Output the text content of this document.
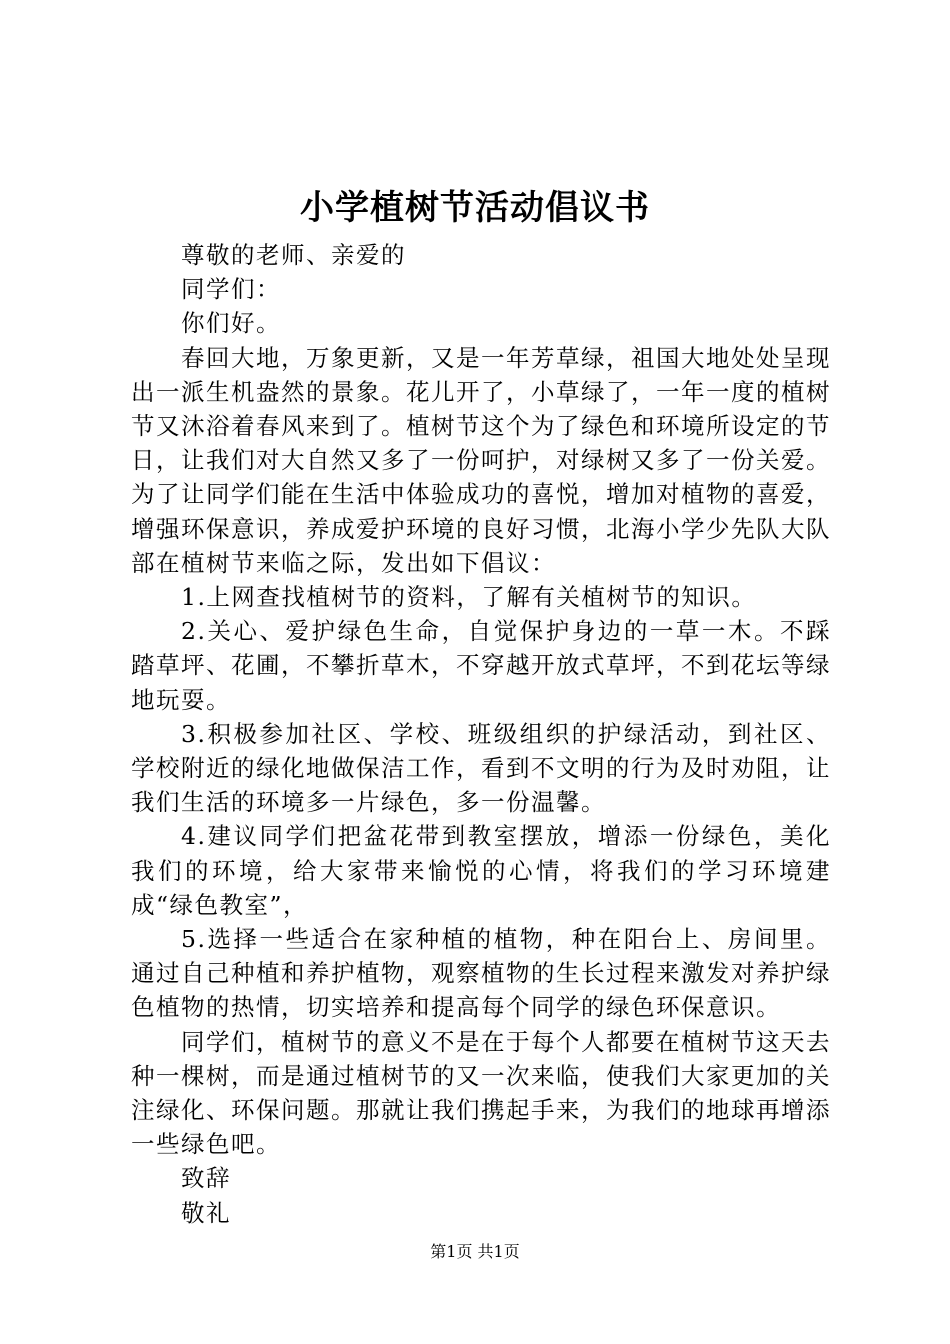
小学植树节活动倡议书
尊敬的老师、亲爱的
同学们：
你们好。

春回大地，万象更新，又是一年芳草绿，祖国大地处处呈现出一派生机盎然的景象。花儿开了，小草绿了，一年一度的植树节又沐浴着春风来到了。植树节这个为了绿色和环境所设定的节日，让我们对大自然又多了一份呵护，对绿树又多了一份关爱。为了让同学们能在生活中体验成功的喜悦，增加对植物的喜爱，增强环保意识，养成爱护环境的良好习惯，北海小学少先队大队部在植树节来临之际，发出如下倡议：

1.上网查找植树节的资料，了解有关植树节的知识。

2.关心、爱护绿色生命，自觉保护身边的一草一木。不踩踏草坪、花圃，不攀折草木，不穿越开放式草坪，不到花坛等绿地玩耍。

3.积极参加社区、学校、班级组织的护绿活动，到社区、学校附近的绿化地做保洁工作，看到不文明的行为及时劝阻，让我们生活的环境多一片绿色，多一份温馨。

4.建议同学们把盆花带到教室摆放，增添一份绿色，美化我们的环境，给大家带来愉悦的心情，将我们的学习环境建成“绿色教室”，

5.选择一些适合在家种植的植物，种在阳台上、房间里。通过自己种植和养护植物，观察植物的生长过程来激发对养护绿色植物的热情，切实培养和提高每个同学的绿色环保意识。

同学们，植树节的意义不是在于每个人都要在植树节这天去种一棵树，而是通过植树节的又一次来临，使我们大家更加的关注绿化、环保问题。那就让我们携起手来，为我们的地球再增添一些绿色吧。

致辞
敬礼
第1页 共1页
